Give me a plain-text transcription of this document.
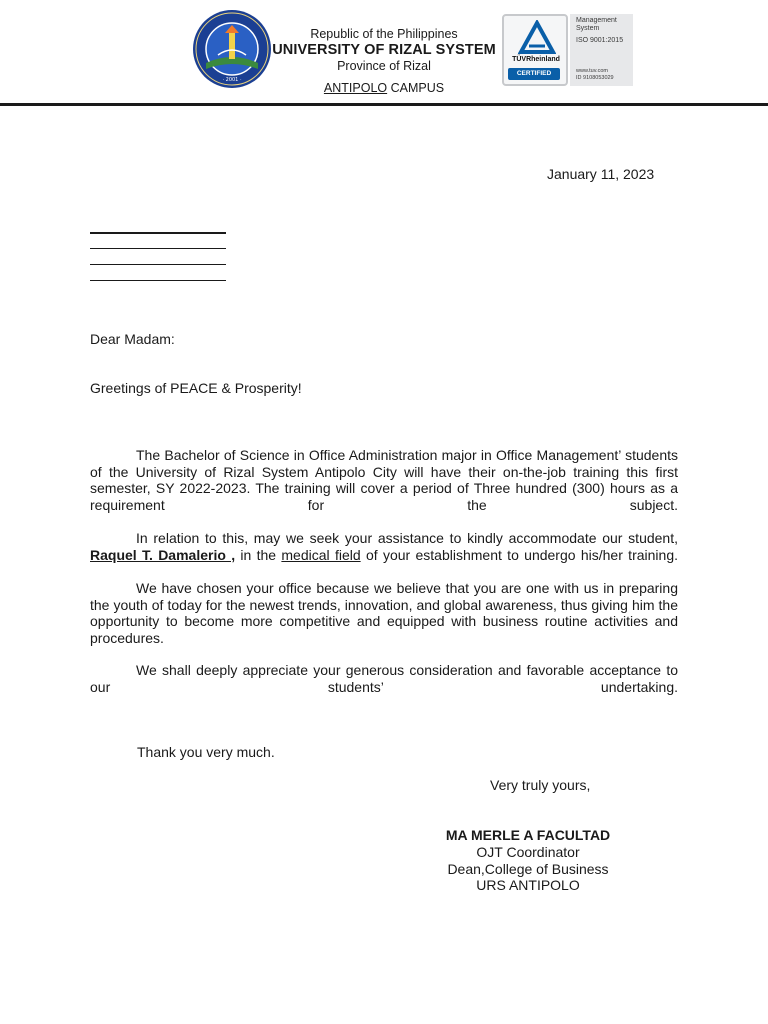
· 2001 ·
Republic of the Philippines
UNIVERSITY OF RIZAL SYSTEM
Province of Rizal
ANTIPOLO CAMPUS
TÜVRheinland
CERTIFIED
Management System
ISO 9001:2015
www.tuv.com
ID 9108053029
January 11, 2023
Dear Madam:
Greetings of PEACE & Prosperity!
The Bachelor of Science in Office Administration major in Office Management’ students of the University of Rizal System Antipolo City will have their on-the-job training this first semester, SY 2022-2023. The training will cover a period of Three hundred (300) hours as a requirement for the subject.
In relation to this, may we seek your assistance to kindly accommodate our student, Raquel T. Damalerio , in the medical field of your establishment to undergo his/her training.
We have chosen your office because we believe that you are one with us in preparing the youth of today for the newest trends, innovation, and global awareness, thus giving him the opportunity to become more competitive and equipped with business routine activities and procedures.
We shall deeply appreciate your generous consideration and favorable acceptance to our students’ undertaking.
Thank you very much.
Very truly yours,
MA MERLE A FACULTAD
OJT Coordinator
Dean,College of Business
URS ANTIPOLO
